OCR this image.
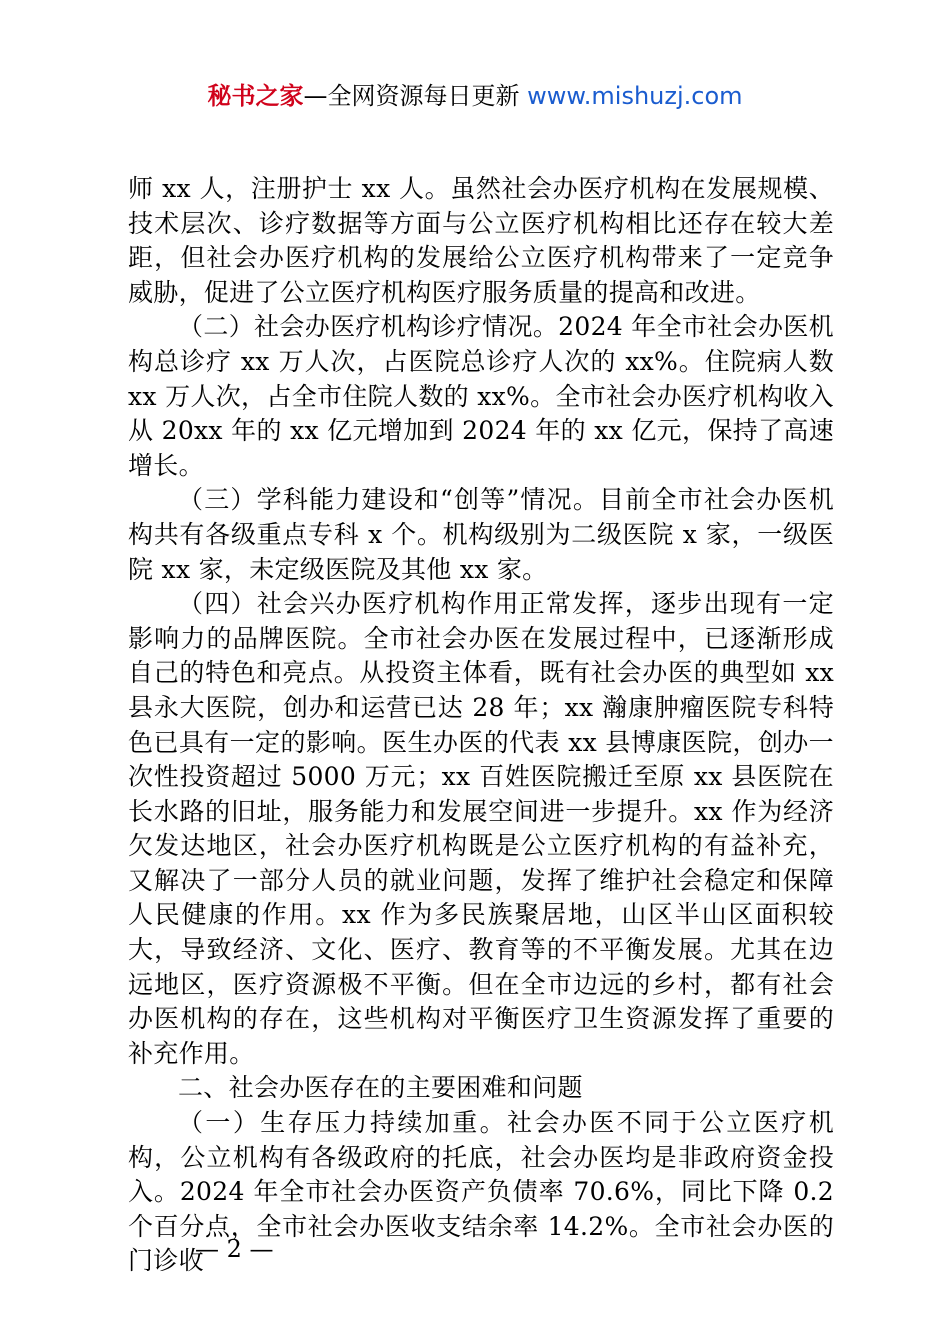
秘书之家—全网资源每日更新 www.mishuzj.com

师 xx 人，注册护士 xx 人。虽然社会办医疗机构在发展规模、技术层次、诊疗数据等方面与公立医疗机构相比还存在较大差距，但社会办医疗机构的发展给公立医疗机构带来了一定竞争威胁，促进了公立医疗机构医疗服务质量的提高和改进。

（二）社会办医疗机构诊疗情况。2024 年全市社会办医机构总诊疗 xx 万人次，占医院总诊疗人次的 xx%。住院病人数 xx 万人次，占全市住院人数的 xx%。全市社会办医疗机构收入从 20xx 年的 xx 亿元增加到 2024 年的 xx 亿元，保持了高速增长。

（三）学科能力建设和“创等”情况。目前全市社会办医机构共有各级重点专科 x 个。机构级别为二级医院 x 家，一级医院 xx 家，未定级医院及其他 xx 家。

（四）社会兴办医疗机构作用正常发挥，逐步出现有一定影响力的品牌医院。全市社会办医在发展过程中，已逐渐形成自己的特色和亮点。从投资主体看，既有社会办医的典型如 xx 县永大医院，创办和运营已达 28 年；xx 瀚康肿瘤医院专科特色已具有一定的影响。医生办医的代表 xx 县博康医院，创办一次性投资超过 5000 万元；xx 百姓医院搬迁至原 xx 县医院在长水路的旧址，服务能力和发展空间进一步提升。xx 作为经济欠发达地区，社会办医疗机构既是公立医疗机构的有益补充，又解决了一部分人员的就业问题，发挥了维护社会稳定和保障人民健康的作用。xx 作为多民族聚居地，山区半山区面积较大，导致经济、文化、医疗、教育等的不平衡发展。尤其在边远地区，医疗资源极不平衡。但在全市边远的乡村，都有社会办医机构的存在，这些机构对平衡医疗卫生资源发挥了重要的补充作用。

二、社会办医存在的主要困难和问题

（一）生存压力持续加重。社会办医不同于公立医疗机构，公立机构有各级政府的托底，社会办医均是非政府资金投入。2024 年全市社会办医资产负债率 70.6%，同比下降 0.2 个百分点，全市社会办医收支结余率 14.2%。全市社会办医的门诊收

— 2 —
